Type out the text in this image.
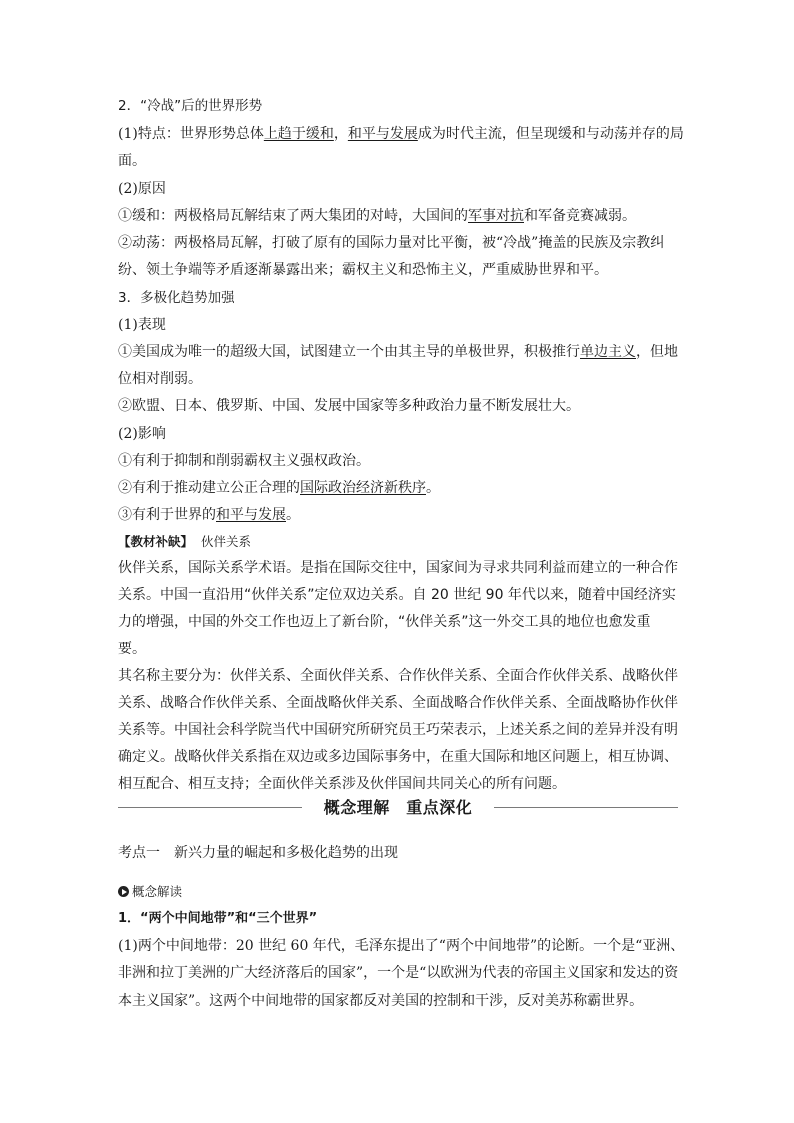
2．“冷战”后的世界形势
(1)特点：世界形势总体上趋于缓和，和平与发展成为时代主流，但呈现缓和与动荡并存的局
面。
(2)原因
①缓和：两极格局瓦解结束了两大集团的对峙，大国间的军事对抗和军备竞赛减弱。
②动荡：两极格局瓦解，打破了原有的国际力量对比平衡，被“冷战”掩盖的民族及宗教纠
纷、领土争端等矛盾逐渐暴露出来；霸权主义和恐怖主义，严重威胁世界和平。
3．多极化趋势加强
(1)表现
①美国成为唯一的超级大国，试图建立一个由其主导的单极世界，积极推行单边主义，但地
位相对削弱。
②欧盟、日本、俄罗斯、中国、发展中国家等多种政治力量不断发展壮大。
(2)影响
①有利于抑制和削弱霸权主义强权政治。
②有利于推动建立公正合理的国际政治经济新秩序。
③有利于世界的和平与发展。
【教材补缺】 伙伴关系
伙伴关系，国际关系学术语。是指在国际交往中，国家间为寻求共同利益而建立的一种合作
关系。中国一直沿用“伙伴关系”定位双边关系。自 20 世纪 90 年代以来，随着中国经济实
力的增强，中国的外交工作也迈上了新台阶，“伙伴关系”这一外交工具的地位也愈发重要。
其名称主要分为：伙伴关系、全面伙伴关系、合作伙伴关系、全面合作伙伴关系、战略伙伴
关系、战略合作伙伴关系、全面战略伙伴关系、全面战略合作伙伴关系、全面战略协作伙伴
关系等。中国社会科学院当代中国研究所研究员王巧荣表示，上述关系之间的差异并没有明
确定义。战略伙伴关系指在双边或多边国际事务中，在重大国际和地区问题上，相互协调、
相互配合、相互支持；全面伙伴关系涉及伙伴国间共同关心的所有问题。
概念理解　重点深化
考点一　新兴力量的崛起和多极化趋势的出现
概念解读
1．“两个中间地带”和“三个世界”
(1)两个中间地带：20 世纪 60 年代，毛泽东提出了“两个中间地带”的论断。一个是“亚洲、
非洲和拉丁美洲的广大经济落后的国家”，一个是“以欧洲为代表的帝国主义国家和发达的资
本主义国家”。这两个中间地带的国家都反对美国的控制和干涉，反对美苏称霸世界。
